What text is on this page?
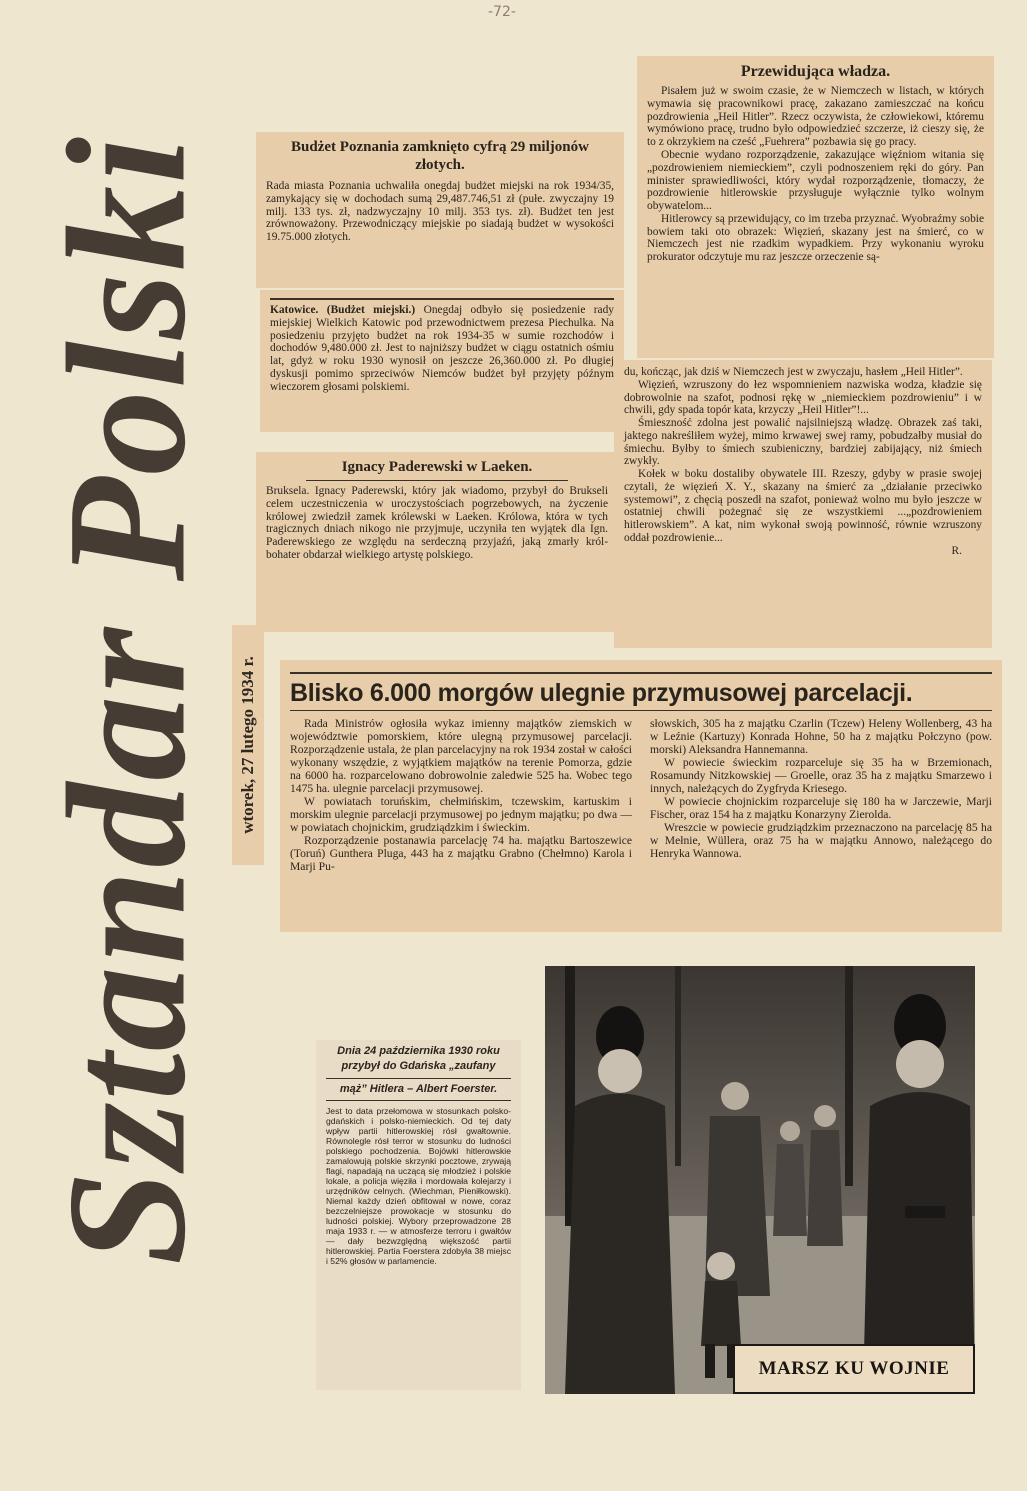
-72-
Sztandar Polski wtorek, 27 lutego 1934 r.
Budżet Poznania zamknięto cyfrą 29 miljonów złotych.

Rada miasta Poznania uchwaliła onegdaj budżet miejski na rok 1934/35, zamykający się w dochodach sumą 29,487.746,51 zł (pułe. zwyczajny 19 milj. 133 tys. zł, nadzwyczajny 10 milj. 353 tys. zł). Budżet ten jest zrównoważony. Przewodniczący miejskie po siadają budżet w wysokości 19.75.000 złotych.

Katowice. (Budżet miejski.) Onegdaj odbyło się posiedzenie rady miejskiej Wielkich Katowic pod przewodnictwem prezesa Piechulka. Na posiedzeniu przyjęto budżet na rok 1934-35 w sumie rozchodów i dochodów 9,480.000 zł. Jest to najniższy budżet w ciągu ostatnich ośmiu lat, gdyż w roku 1930 wynosił on jeszcze 26,360.000 zł. Po długiej dyskusji pomimo sprzeciwów Niemców budżet był przyjęty późnym wieczorem głosami polskiemi.

Ignacy Paderewski w Laeken.

Bruksela. Ignacy Paderewski, który jak wiadomo, przybył do Brukseli celem uczestniczenia w uroczystościach pogrzebowych, na życzenie królowej zwiedził zamek królewski w Laeken. Królowa, która w tych tragicznych dniach nikogo nie przyjmuje, uczyniła ten wyjątek dla Ign. Paderewskiego ze względu na serdeczną przyjaźń, jaką zmarły król-bohater obdarzał wielkiego artystę polskiego.

Przewidująca władza.

Pisałem już w swoim czasie, że w Niemczech w listach, w których wymawia się pracownikowi pracę, zakazano zamieszczać na końcu pozdrowienia „Heil Hitler”. Rzecz oczywista, że człowiekowi, któremu wymówiono pracę, trudno było odpowiedzieć szczerze, iż cieszy się, że to z okrzykiem na cześć „Fuehrera” pozbawia się go pracy.

Obecnie wydano rozporządzenie, zakazujące więźniom witania się „pozdrowieniem niemieckiem”, czyli podnoszeniem ręki do góry. Pan minister sprawiedliwości, który wydał rozporządzenie, tłomaczy, że pozdrowienie hitlerowskie przysługuje wyłącznie tylko wolnym obywatelom...

Hitlerowcy są przewidujący, co im trzeba przyznać. Wyobraźmy sobie bowiem taki oto obrazek: Więzień, skazany jest na śmierć, co w Niemczech jest nie rzadkim wypadkiem. Przy wykonaniu wyroku prokurator odczytuje mu raz jeszcze orzeczenie są-

du, kończąc, jak dziś w Niemczech jest w zwyczaju, hasłem „Heil Hitler”.

Więzień, wzruszony do łez wspomnieniem nazwiska wodza, kładzie się dobrowolnie na szafot, podnosi rękę w „niemieckiem pozdrowieniu” i w chwili, gdy spada topór kata, krzyczy „Heil Hitler”!...

Śmieszność zdolna jest powalić najsilniejszą władzę. Obrazek zaś taki, jaktego nakreśliłem wyżej, mimo krwawej swej ramy, pobudzałby musiał do śmiechu. Byłby to śmiech szubieniczny, bardziej zabijający, niż śmiech zwykły.

Kołek w boku dostaliby obywatele III. Rzeszy, gdyby w prasie swojej czytali, że więzień X. Y., skazany na śmierć za „działanie przeciwko systemowi”, z chęcią poszedł na szafot, ponieważ wolno mu było jeszcze w ostatniej chwili pożegnać się ze wszystkiemi ...„pozdrowieniem hitlerowskiem”. A kat, nim wykonał swoją powinność, równie wzruszony oddał pozdrowienie...

R.
Blisko 6.000 morgów ulegnie przymusowej parcelacji.

Rada Ministrów ogłosiła wykaz imienny majątków ziemskich w województwie pomorskiem, które ulegną przymusowej parcelacji. Rozporządzenie ustala, że plan parcelacyjny na rok 1934 został w całości wykonany wszędzie, z wyjątkiem majątków na terenie Pomorza, gdzie na 6000 ha. rozparcelowano dobrowolnie zaledwie 525 ha. Wobec tego 1475 ha. ulegnie parcelacji przymusowej.

W powiatach toruńskim, chełmińskim, tczewskim, kartuskim i morskim ulegnie parcelacji przymusowej po jednym majątku; po dwa — w powiatach chojnickim, grudziądzkim i świeckim.

Rozporządzenie postanawia parcelację 74 ha. majątku Bartoszewice (Toruń) Gunthera Pluga, 443 ha z majątku Grabno (Chełmno) Karola i Marji Pu-

słowskich, 305 ha z majątku Czarlin (Tczew) Heleny Wollenberg, 43 ha w Leźnie (Kartuzy) Konrada Hohne, 50 ha z majątku Połczyno (pow. morski) Aleksandra Hannemanna.

W powiecie świeckim rozparceluje się 35 ha w Brzemionach, Rosamundy Nitzkowskiej — Groelle, oraz 35 ha z majątku Smarzewo i innych, należących do Zygfryda Kriesego.

W powiecie chojnickim rozparceluje się 180 ha w Jarczewie, Marji Fischer, oraz 154 ha z majątku Konarzyny Zierolda.

Wreszcie w powiecie grudziądzkim przeznaczono na parcelację 85 ha w Mełnie, Wüllera, oraz 75 ha w majątku Annowo, należącego do Henryka Wannowa.

Dnia 24 października 1930 roku przybył do Gdańska „zaufany
mąż” Hitlera – Albert Foerster.

Jest to data przełomowa w stosunkach polsko-gdańskich i polsko-niemieckich. Od tej daty wpływ partii hitlerowskiej rósł gwałtownie. Równolegle rósł terror w stosunku do ludności polskiego pochodzenia. Bojówki hitlerowskie zamalowują polskie skrzynki pocztowe, zrywają flagi, napadają na uczącą się młodzież i polskie lokale, a policja więziła i mordowała kolejarzy i urzędników celnych. (Wiechman, Pieniłkowski). Niemal każdy dzień obfitował w nowe, coraz bezczelniejsze prowokacje w stosunku do ludności polskiej. Wybory przeprowadzone 28 maja 1933 r. — w atmosferze terroru i gwałtów — dały bezwzględną większość partii hitlerowskiej. Partia Foerstera zdobyła 38 miejsc i 52% głosów w parlamencie.

MARSZ KU WOJNIE
